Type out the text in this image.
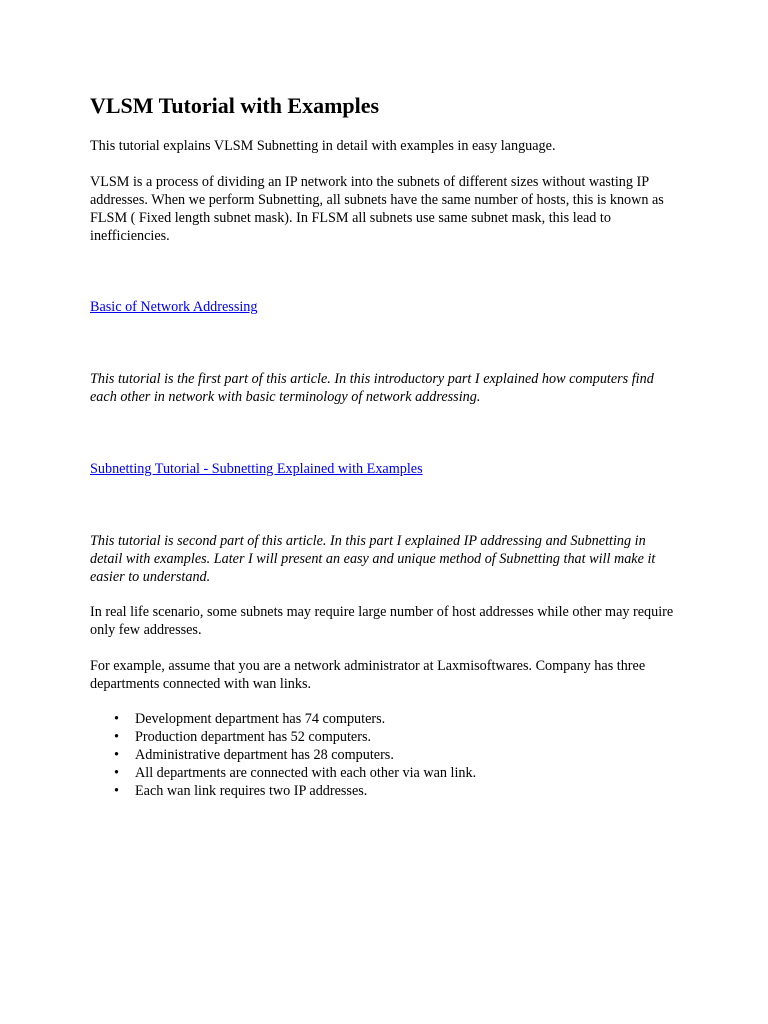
VLSM Tutorial with Examples

This tutorial explains VLSM Subnetting in detail with examples in easy language.

VLSM is a process of dividing an IP network into the subnets of different sizes without wasting IP addresses. When we perform Subnetting, all subnets have the same number of hosts, this is known as FLSM ( Fixed length subnet mask). In FLSM all subnets use same subnet mask, this lead to inefficiencies.

Basic of Network Addressing

This tutorial is the first part of this article. In this introductory part I explained how computers find each other in network with basic terminology of network addressing.

Subnetting Tutorial - Subnetting Explained with Examples

This tutorial is second part of this article. In this part I explained IP addressing and Subnetting in detail with examples. Later I will present an easy and unique method of Subnetting that will make it easier to understand.

In real life scenario, some subnets may require large number of host addresses while other may require only few addresses.

For example, assume that you are a network administrator at Laxmisoftwares. Company has three departments connected with wan links.

• Development department has 74 computers.
• Production department has 52 computers.
• Administrative department has 28 computers.
• All departments are connected with each other via wan link.
• Each wan link requires two IP addresses.
